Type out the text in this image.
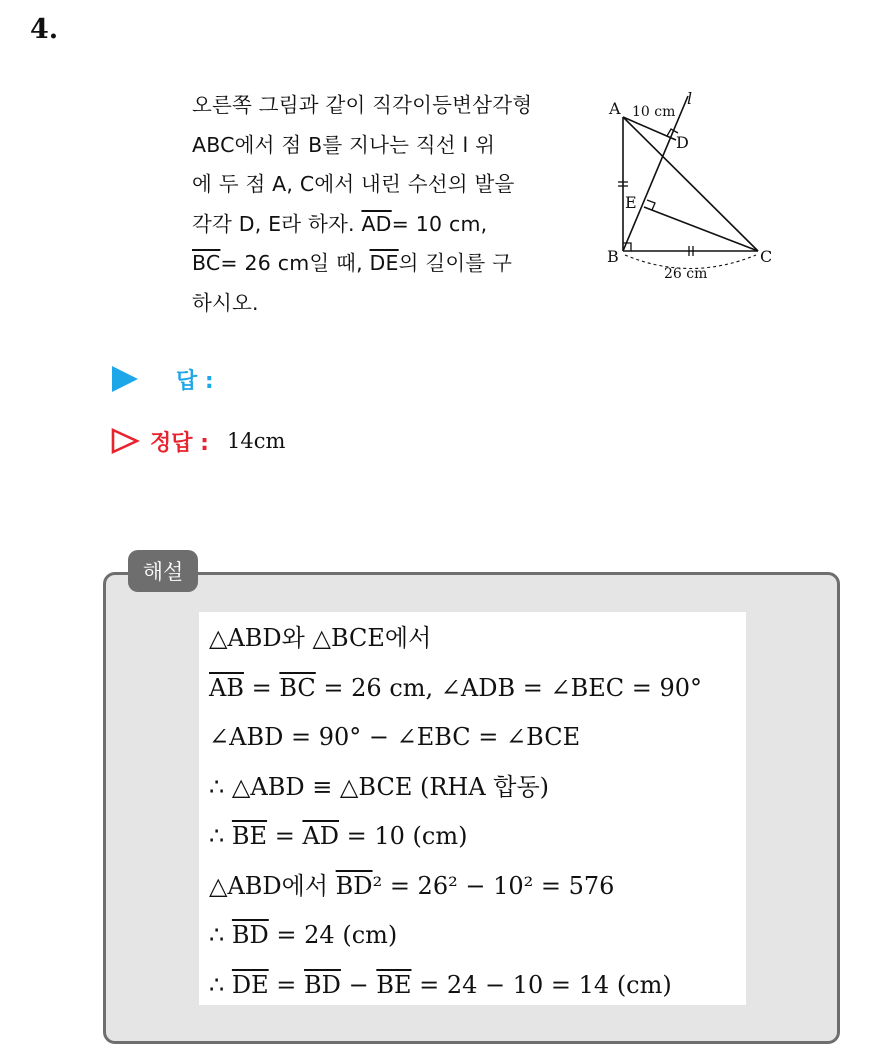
4.

오른쪽 그림과 같이 직각이등변삼각형

ABC에서 점 B를 지나는 직선 l 위

에 두 점 A, C에서 내린 수선의 발을

각각 D, E라 하자. $\overline{AD}= 10$ cm,

$\overline{BC}= 26$ cm일 때, $\overline{DE}$의 길이를 구

하시오.

A
B	C
D
E
l
10 cm
26 cm
답 :
정답 : 14cm
해설
△ABD와 △BCE에서
$\overline{AB} = \overline{BC} = 26$ cm, ∠ADB = ∠BEC = 90°
∠ABD = 90° − ∠EBC = ∠BCE
∴ △ABD ≡ △BCE (RHA 합동)
∴ $\overline{BE} = \overline{AD} = 10$ (cm)
△ABD에서 $\overline{BD}^2 = 26^2 - 10^2 = 576$
∴ $\overline{BD} = 24$ (cm)
∴ $\overline{DE} = \overline{BD} - \overline{BE} = 24 - 10 = 14$ (cm)
